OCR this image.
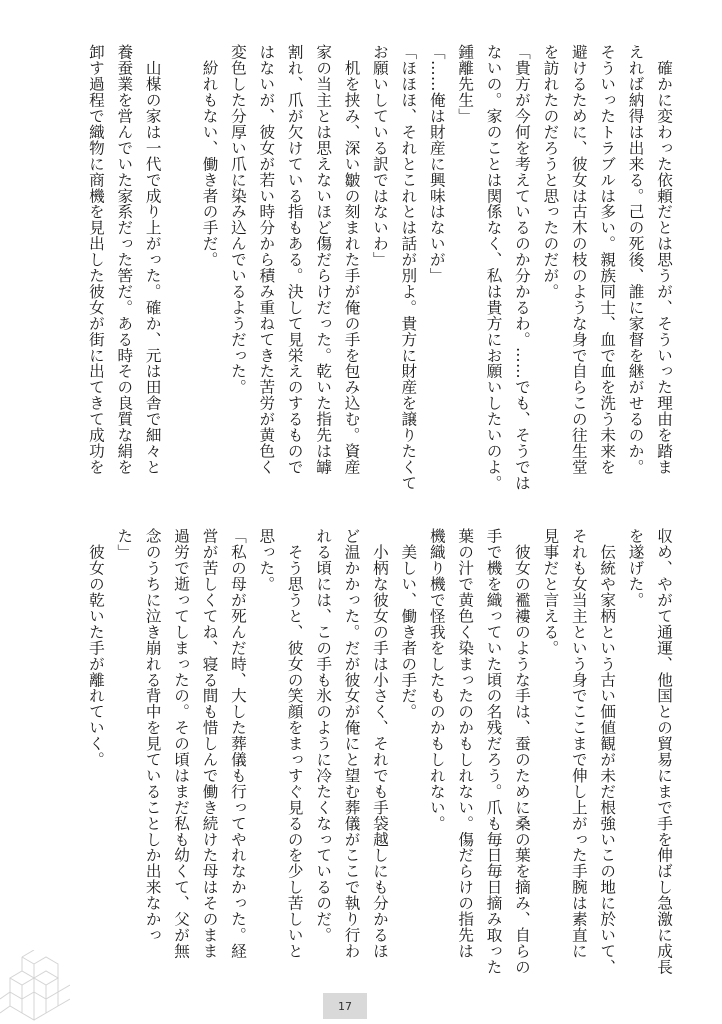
　確かに変わった依頼だとは思うが、そういった理由を踏ま
えれば納得は出来る。己の死後、誰に家督を継がせるのか。
そういったトラブルは多い。親族同士、血で血を洗う未来を
避けるために、彼女は古木の枝のような身で自らこの往生堂
を訪れたのだろうと思ったのだが。
「貴方が今何を考えているのか分かるわ。……でも、そうでは
ないの。家のことは関係なく、私は貴方にお願いしたいのよ。
鍾離先生」
「……俺は財産に興味はないが」
「ほほほ、それとこれとは話が別よ。貴方に財産を譲りたくて
お願いしている訳ではないわ」
　机を挟み、深い皺の刻まれた手が俺の手を包み込む。資産
家の当主とは思えないほど傷だらけだった。乾いた指先は罅
割れ、爪が欠けている指もある。決して見栄えのするもので
はないが、彼女が若い時分から積み重ねてきた苦労が黄色く
変色した分厚い爪に染み込んでいるようだった。
　紛れもない、働き者の手だ。

　山楳の家は一代で成り上がった。確か、元は田舎で細々と
養蚕業を営んでいた家系だった筈だ。ある時その良質な絹を
卸す過程で織物に商機を見出した彼女が街に出てきて成功を
収め、やがて通運、他国との貿易にまで手を伸ばし急激に成長
を遂げた。
　伝統や家柄という古い価値観が未だ根強いこの地に於いて、
それも女当主という身でここまで伸し上がった手腕は素直に
見事だと言える。
　彼女の襤褸のような手は、蚕のために桑の葉を摘み、自らの
手で機を織っていた頃の名残だろう。爪も毎日毎日摘み取った
葉の汁で黄色く染まったのかもしれない。傷だらけの指先は
機織り機で怪我をしたものかもしれない。
　美しい、働き者の手だ。
　小柄な彼女の手は小さく、それでも手袋越しにも分かるほ
ど温かかった。だが彼女が俺にと望む葬儀がここで執り行わ
れる頃には、この手も氷のように冷たくなっているのだ。
　そう思うと、彼女の笑顔をまっすぐ見るのを少し苦しいと
思った。
「私の母が死んだ時、大した葬儀も行ってやれなかった。経
営が苦しくてね、寝る間も惜しんで働き続けた母はそのまま
過労で逝ってしまったの。その頃はまだ私も幼くて、父が無
念のうちに泣き崩れる背中を見ていることしか出来なかっ
た」
　彼女の乾いた手が離れていく。
17
